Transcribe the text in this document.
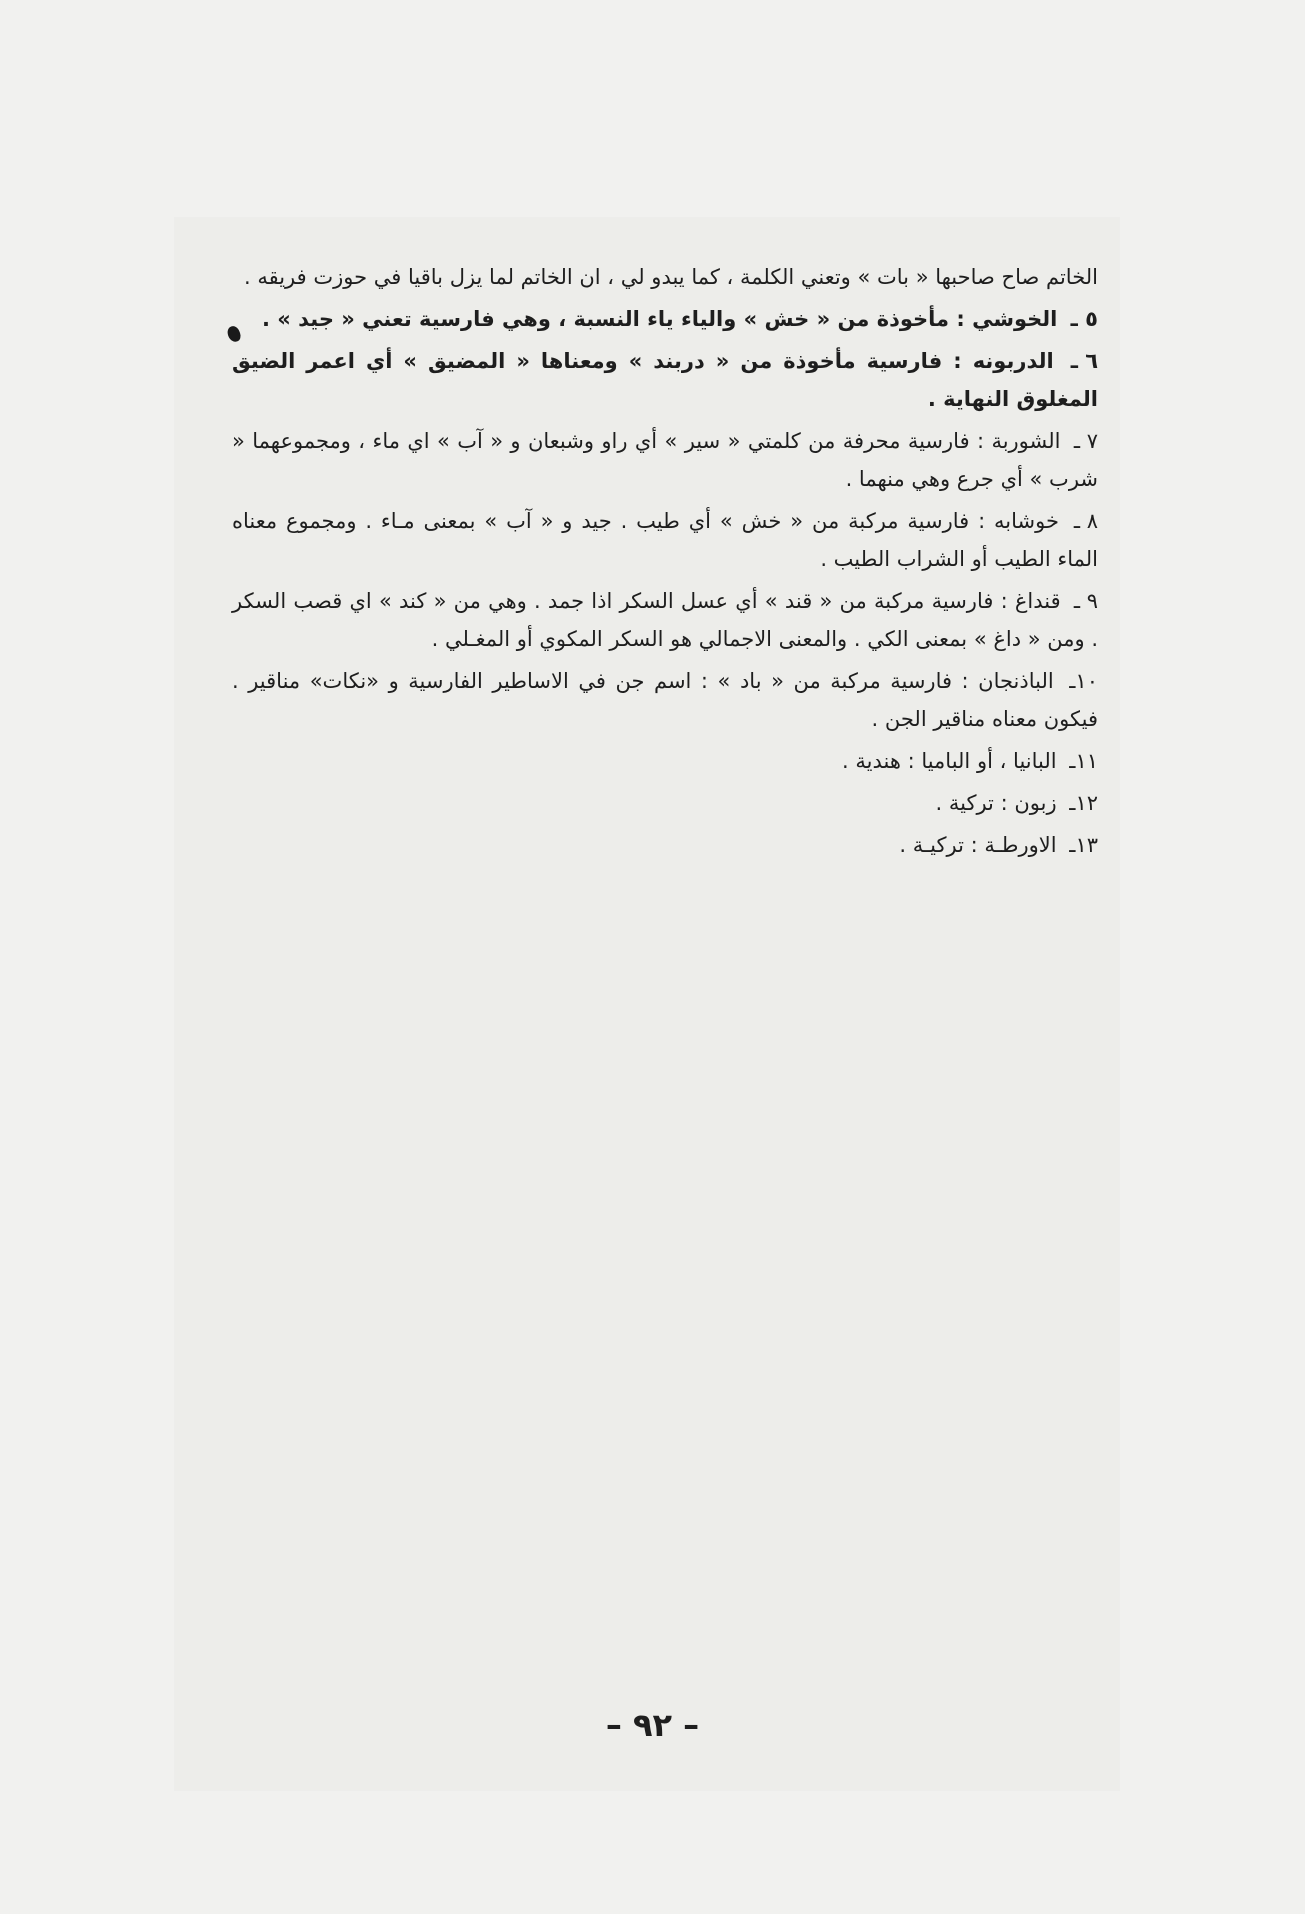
الخاتم صاح صاحبها « بات » وتعني الكلمة ، كما يبدو لي ، ان الخاتم لما يزل باقيا في حوزت فريقه .

٥ ـ الخوشي : مأخوذة من « خش » والياء ياء النسبة ، وهي فارسية تعني « جيد » .

٦ ـ الدربونه : فارسية مأخوذة من « دربند » ومعناها « المضيق » أي اعمر الضيق المغلوق النهاية .

٧ ـ الشوربة : فارسية محرفة من كلمتي « سير » أي راو وشبعان و « آب » اي ماء ، ومجموعهما « شرب » أي جرع وهي منهما .

٨ ـ خوشابه : فارسية مركبة من « خش » أي طيب . جيد و « آب » بمعنى مـاء . ومجموع معناه الماء الطيب أو الشراب الطيب .

٩ ـ قنداغ : فارسية مركبة من « قند » أي عسل السكر اذا جمد . وهي من « كند » اي قصب السكر . ومن « داغ » بمعنى الكي . والمعنى الاجمالي هو السكر المكوي أو المغـلي .

١٠ـ الباذنجان : فارسية مركبة من « باد » : اسم جن في الاساطير الفارسية و «نكات» مناقير . فيكون معناه مناقير الجن .

١١ـ البانيا ، أو الباميا : هندية .

١٢ـ زبون : تركية .

١٣ـ الاورطـة : تركيـة .

– ٩٢ –
